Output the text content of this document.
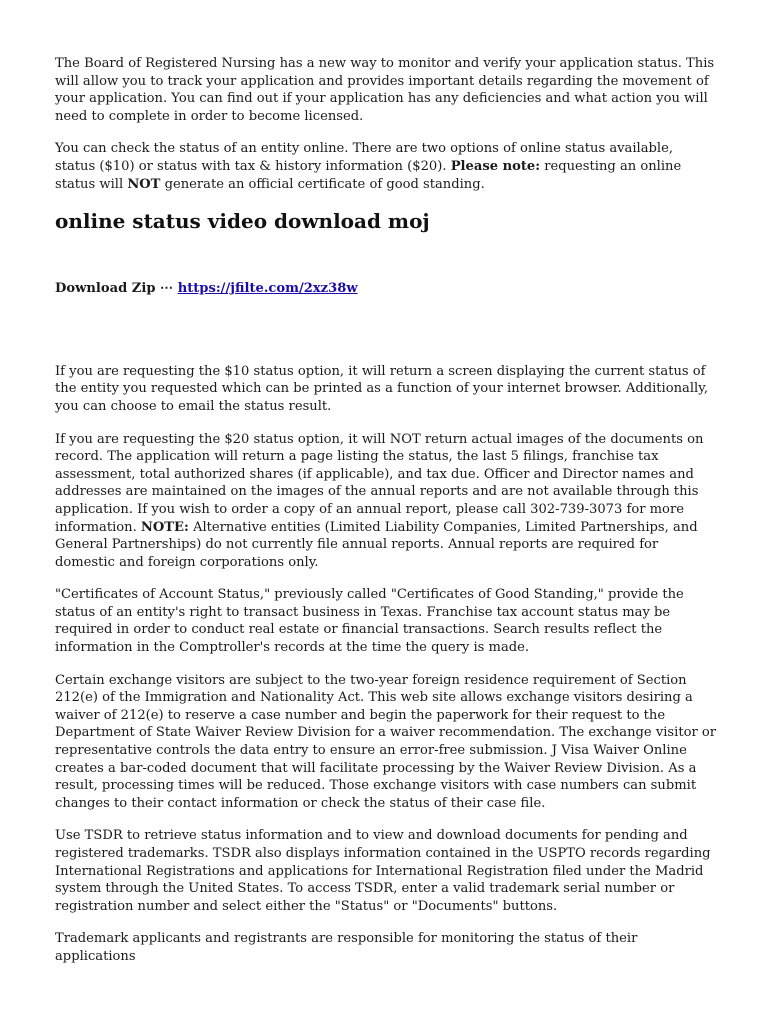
The Board of Registered Nursing has a new way to monitor and verify your application status. This will allow you to track your application and provides important details regarding the movement of your application. You can find out if your application has any deficiencies and what action you will need to complete in order to become licensed.

You can check the status of an entity online. There are two options of online status available, status ($10) or status with tax & history information ($20). Please note: requesting an online status will NOT generate an official certificate of good standing.

online status video download moj
Download Zip ⋯ https://jfilte.com/2xz38w

If you are requesting the $10 status option, it will return a screen displaying the current status of the entity you requested which can be printed as a function of your internet browser. Additionally, you can choose to email the status result.

If you are requesting the $20 status option, it will NOT return actual images of the documents on record. The application will return a page listing the status, the last 5 filings, franchise tax assessment, total authorized shares (if applicable), and tax due. Officer and Director names and addresses are maintained on the images of the annual reports and are not available through this application. If you wish to order a copy of an annual report, please call 302-739-3073 for more information. NOTE: Alternative entities (Limited Liability Companies, Limited Partnerships, and General Partnerships) do not currently file annual reports. Annual reports are required for domestic and foreign corporations only.

"Certificates of Account Status," previously called "Certificates of Good Standing," provide the status of an entity's right to transact business in Texas. Franchise tax account status may be required in order to conduct real estate or financial transactions. Search results reflect the information in the Comptroller's records at the time the query is made.

Certain exchange visitors are subject to the two-year foreign residence requirement of Section 212(e) of the Immigration and Nationality Act. This web site allows exchange visitors desiring a waiver of 212(e) to reserve a case number and begin the paperwork for their request to the Department of State Waiver Review Division for a waiver recommendation. The exchange visitor or representative controls the data entry to ensure an error-free submission. J Visa Waiver Online creates a bar-coded document that will facilitate processing by the Waiver Review Division. As a result, processing times will be reduced. Those exchange visitors with case numbers can submit changes to their contact information or check the status of their case file.

Use TSDR to retrieve status information and to view and download documents for pending and registered trademarks. TSDR also displays information contained in the USPTO records regarding International Registrations and applications for International Registration filed under the Madrid system through the United States. To access TSDR, enter a valid trademark serial number or registration number and select either the "Status" or "Documents" buttons.

Trademark applicants and registrants are responsible for monitoring the status of their applications
